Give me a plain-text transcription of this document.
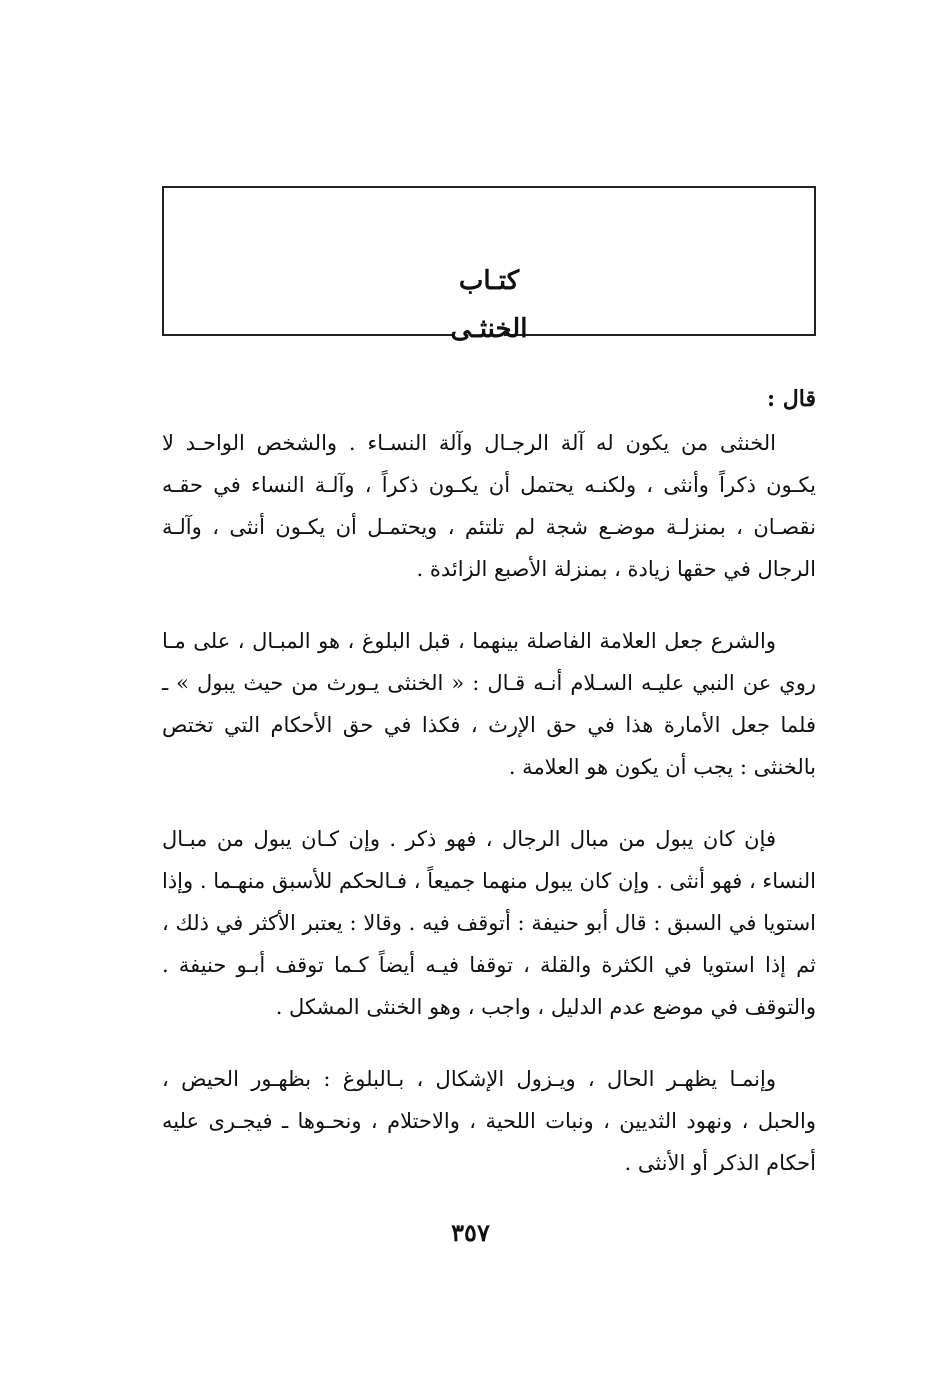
كتـاب
الخنثـى
قال :

الخنثى من يكون له آلة الرجـال وآلة النسـاء . والشخص الواحـد لا يكـون ذكراً وأنثى ، ولكنـه يحتمل أن يكـون ذكراً ، وآلـة النساء في حقـه نقصـان ، بمنزلـة موضـع شجة لم تلتئم ، ويحتمـل أن يكـون أنثى ، وآلـة الرجال في حقها زيادة ، بمنزلة الأصبع الزائدة .

والشرع جعل العلامة الفاصلة بينهما ، قبل البلوغ ، هو المبـال ، على مـا روي عن النبي عليـه السـلام أنـه قـال : « الخنثى يـورث من حيث يبول » ـ فلما جعل الأمارة هذا في حق الإرث ، فكذا في حق الأحكام التي تختص بالخنثى : يجب أن يكون هو العلامة .

فإن كان يبول من مبال الرجال ، فهو ذكر . وإن كـان يبول من مبـال النساء ، فهو أنثى . وإن كان يبول منهما جميعاً ، فـالحكم للأسبق منهـما . وإذا استويا في السبق : قال أبو حنيفة : أتوقف فيه . وقالا : يعتبر الأكثر في ذلك ، ثم إذا استويا في الكثرة والقلة ، توقفا فيـه أيضاً كـما توقف أبـو حنيفة . والتوقف في موضع عدم الدليل ، واجب ، وهو الخنثى المشكل .

وإنمـا يظهـر الحال ، ويـزول الإشكال ، بـالبلوغ : بظهـور الحيض ، والحبل ، ونهود الثديين ، ونبات اللحية ، والاحتلام ، ونحـوها ـ فيجـرى عليه أحكام الذكر أو الأنثى .

٣٥٧
